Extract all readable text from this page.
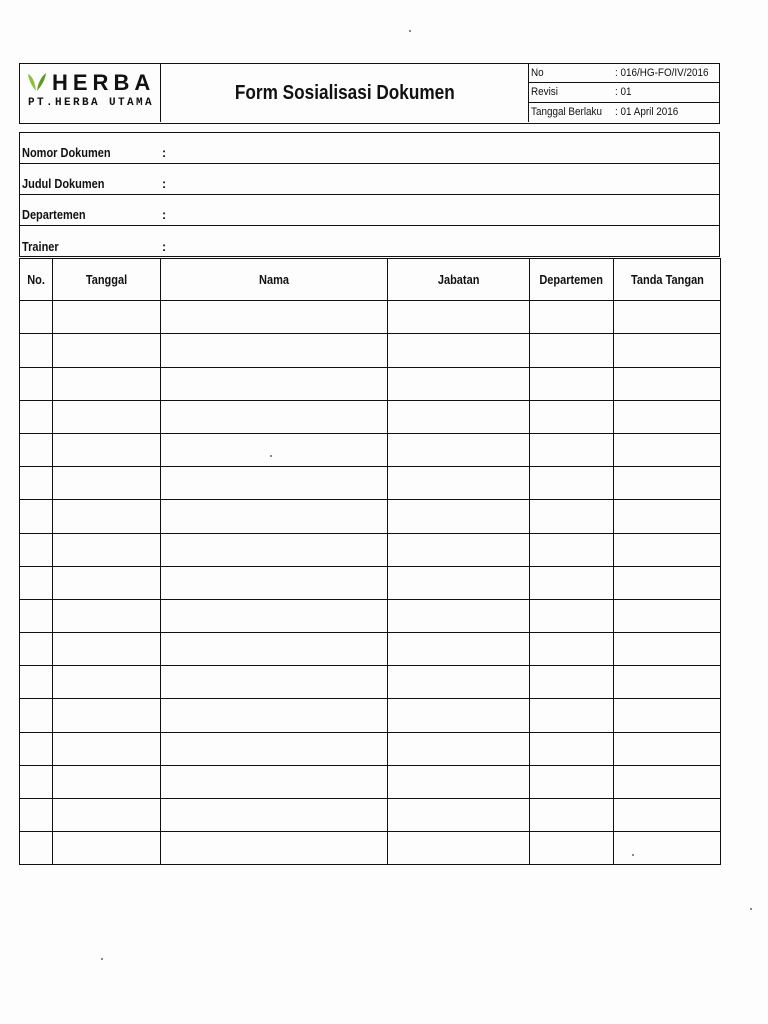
HERBA
PT.HERBA UTAMA	Form Sosialisasi Dokumen
No	: 016/HG-FO/IV/2016
Revisi	: 01
Tanggal Berlaku : 01 April 2016
Nomor Dokumen	:
Judul Dokumen	:
Departemen	:
Trainer	:
No.	Tanggal	Nama	Jabatan	Departemen	Tanda Tangan
